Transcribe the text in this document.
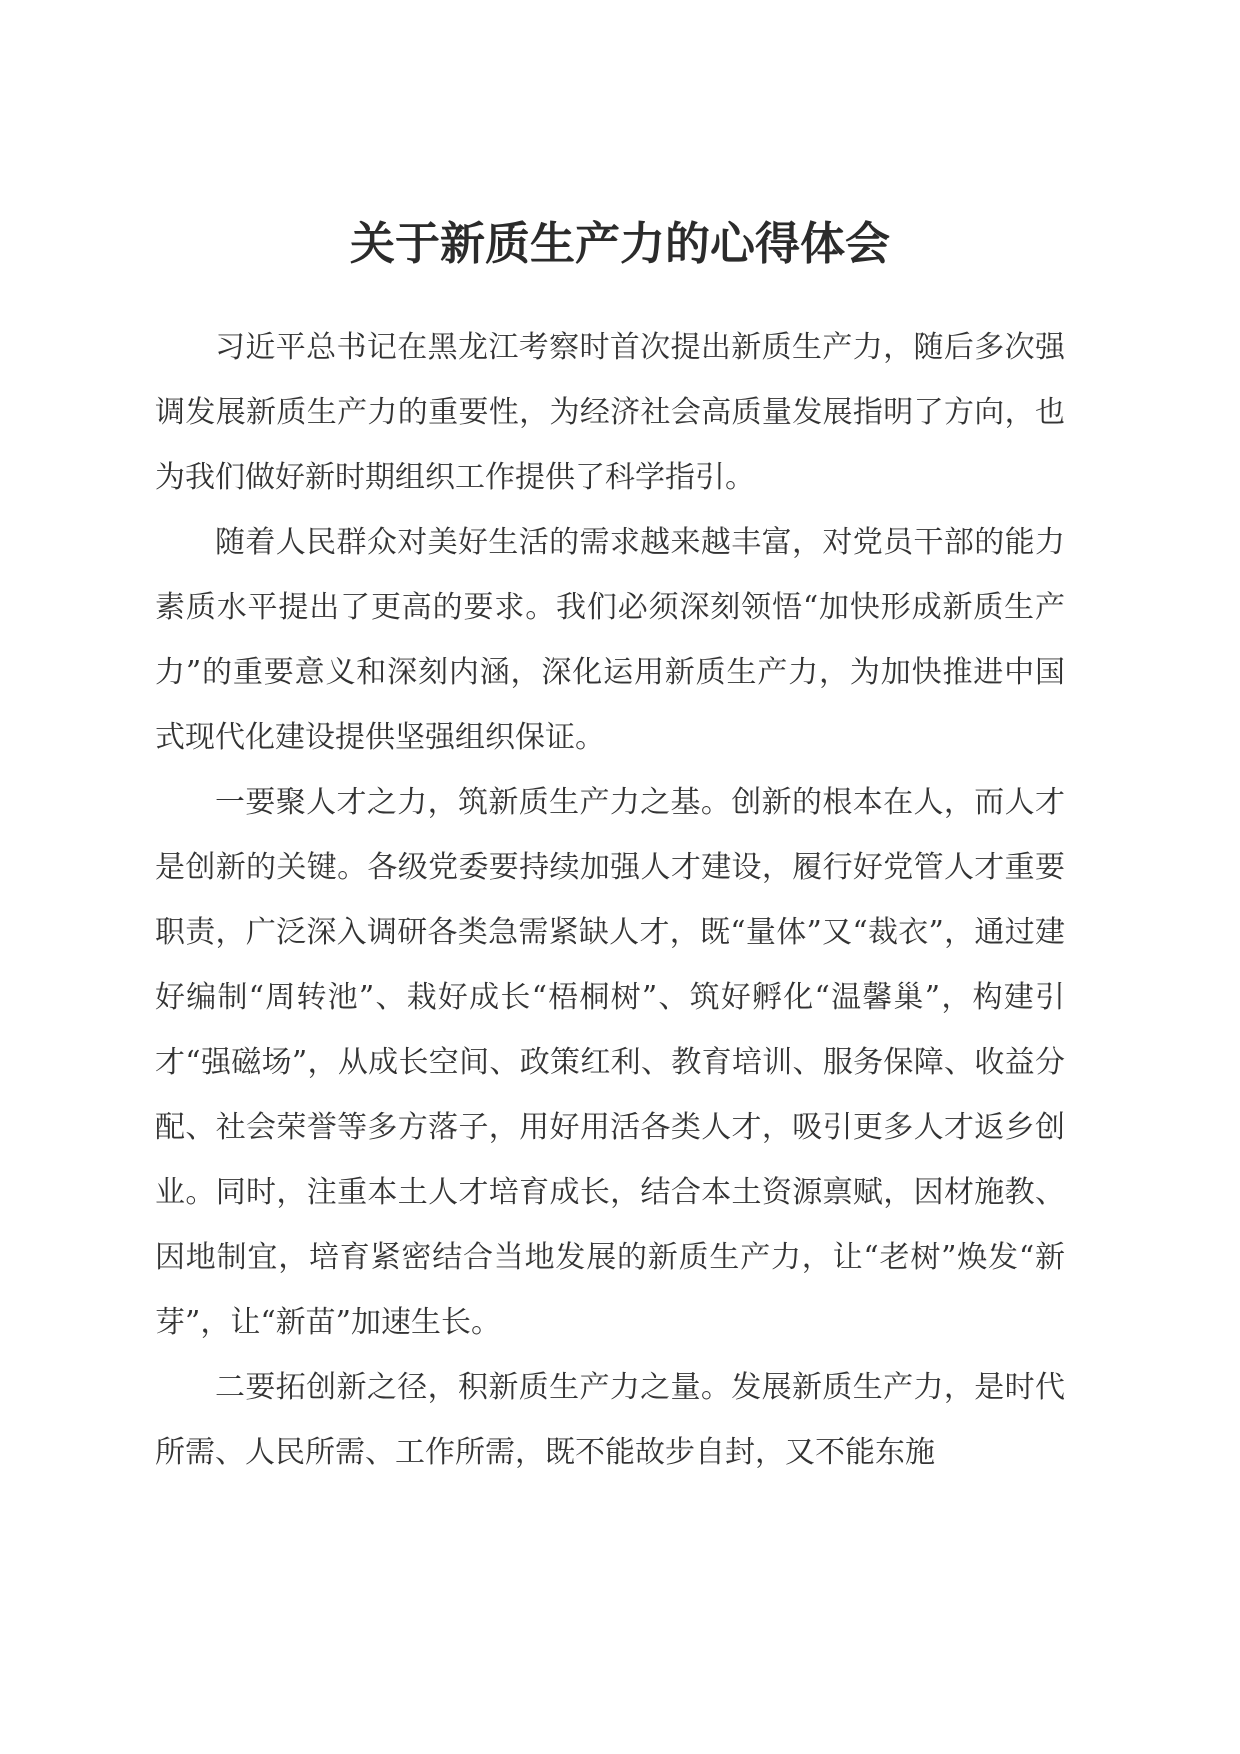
关于新质生产力的心得体会

习近平总书记在黑龙江考察时首次提出新质生产力，随后多次强调发展新质生产力的重要性，为经济社会高质量发展指明了方向，也为我们做好新时期组织工作提供了科学指引。

随着人民群众对美好生活的需求越来越丰富，对党员干部的能力素质水平提出了更高的要求。我们必须深刻领悟“加快形成新质生产力”的重要意义和深刻内涵，深化运用新质生产力，为加快推进中国式现代化建设提供坚强组织保证。

一要聚人才之力，筑新质生产力之基。创新的根本在人，而人才是创新的关键。各级党委要持续加强人才建设，履行好党管人才重要职责，广泛深入调研各类急需紧缺人才，既“量体”又“裁衣”，通过建好编制“周转池”、栽好成长“梧桐树”、筑好孵化“温馨巢”，构建引才“强磁场”，从成长空间、政策红利、教育培训、服务保障、收益分配、社会荣誉等多方落子，用好用活各类人才，吸引更多人才返乡创业。同时，注重本土人才培育成长，结合本土资源禀赋，因材施教、因地制宜，培育紧密结合当地发展的新质生产力，让“老树”焕发“新芽”，让“新苗”加速生长。

二要拓创新之径，积新质生产力之量。发展新质生产力，是时代所需、人民所需、工作所需，既不能故步自封，又不能东施
